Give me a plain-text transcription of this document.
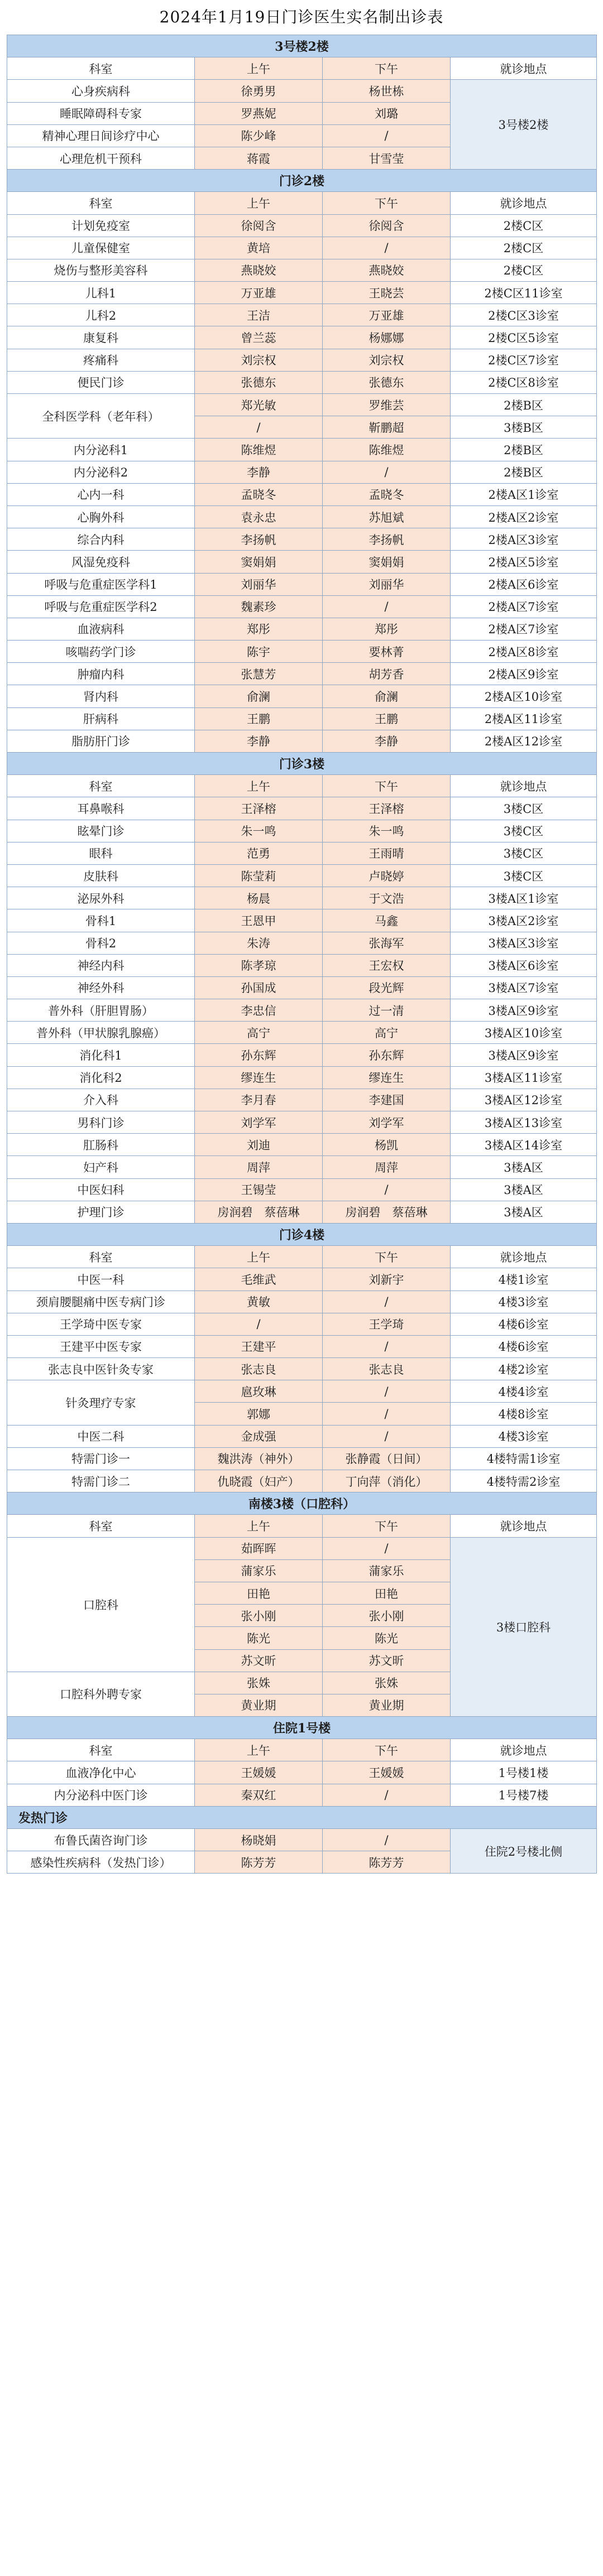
2024年1月19日门诊医生实名制出诊表
3号楼2楼			
科室	上午	下午	就诊地点
心身疾病科	徐勇男	杨世栋	3号楼2楼
睡眠障碍科专家	罗燕妮	刘璐	
精神心理日间诊疗中心	陈少峰	/	
心理危机干预科	蒋霞	甘雪莹	
门诊2楼			
科室	上午	下午	就诊地点
计划免疫室	徐阅含	徐阅含	2楼C区
儿童保健室	黄培	/	2楼C区
烧伤与整形美容科	燕晓姣	燕晓姣	2楼C区
儿科1	万亚雄	王晓芸	2楼C区11诊室
儿科2	王洁	万亚雄	2楼C区3诊室
康复科	曾兰蕊	杨娜娜	2楼C区5诊室
疼痛科	刘宗权	刘宗权	2楼C区7诊室
便民门诊	张德东	张德东	2楼C区8诊室
全科医学科（老年科）	郑光敏	罗维芸	2楼B区
	/	靳鹏超	3楼B区
内分泌科1	陈维煜	陈维煜	2楼B区
内分泌科2	李静	/	2楼B区
心内一科	孟晓冬	孟晓冬	2楼A区1诊室
心胸外科	袁永忠	苏旭斌	2楼A区2诊室
综合内科	李扬帆	李扬帆	2楼A区3诊室
风湿免疫科	窦娟娟	窦娟娟	2楼A区5诊室
呼吸与危重症医学科1	刘丽华	刘丽华	2楼A区6诊室
呼吸与危重症医学科2	魏素珍	/	2楼A区7诊室
血液病科	郑彤	郑彤	2楼A区7诊室
咳喘药学门诊	陈宇	要林菁	2楼A区8诊室
肿瘤内科	张慧芳	胡芳香	2楼A区9诊室
肾内科	俞澜	俞澜	2楼A区10诊室
肝病科	王鹏	王鹏	2楼A区11诊室
脂肪肝门诊	李静	李静	2楼A区12诊室
门诊3楼			
科室	上午	下午	就诊地点
耳鼻喉科	王泽榕	王泽榕	3楼C区
眩晕门诊	朱一鸣	朱一鸣	3楼C区
眼科	范勇	王雨晴	3楼C区
皮肤科	陈莹莉	卢晓婷	3楼C区
泌尿外科	杨晨	于文浩	3楼A区1诊室
骨科1	王恩甲	马鑫	3楼A区2诊室
骨科2	朱涛	张海军	3楼A区3诊室
神经内科	陈孝琼	王宏权	3楼A区6诊室
神经外科	孙国成	段光辉	3楼A区7诊室
普外科（肝胆胃肠）	李忠信	过一清	3楼A区9诊室
普外科（甲状腺乳腺癌）	高宁	高宁	3楼A区10诊室
消化科1	孙东辉	孙东辉	3楼A区9诊室
消化科2	缪连生	缪连生	3楼A区11诊室
介入科	李月春	李建国	3楼A区12诊室
男科门诊	刘学军	刘学军	3楼A区13诊室
肛肠科	刘迪	杨凯	3楼A区14诊室
妇产科	周萍	周萍	3楼A区
中医妇科	王锡莹	/	3楼A区
护理门诊	房润碧　蔡蓓琳	房润碧　蔡蓓琳	3楼A区
门诊4楼			
科室	上午	下午	就诊地点
中医一科	毛维武	刘新宇	4楼1诊室
颈肩腰腿痛中医专病门诊	黄敏	/	4楼3诊室
王学琦中医专家	/	王学琦	4楼6诊室
王建平中医专家	王建平	/	4楼6诊室
张志良中医针灸专家	张志良	张志良	4楼2诊室
针灸理疗专家	扈玫琳	/	4楼4诊室
	郭娜	/	4楼8诊室
中医二科	金成强	/	4楼3诊室
特需门诊一	魏洪涛（神外）	张静霞（日间）	4楼特需1诊室
特需门诊二	仇晓霞（妇产）	丁向萍（消化）	4楼特需2诊室
南楼3楼（口腔科）			
科室	上午	下午	就诊地点
口腔科	茹晖晖	/	3楼口腔科
	蒲家乐	蒲家乐	
	田艳	田艳	
	张小刚	张小刚	
	陈光	陈光	
	苏文昕	苏文昕	
口腔科外聘专家	张姝	张姝	
	黄业期	黄业期	
住院1号楼			
科室	上午	下午	就诊地点
血液净化中心	王媛媛	王媛媛	1号楼1楼
内分泌科中医门诊	秦双红	/	1号楼7楼
发热门诊			
布鲁氏菌咨询门诊	杨晓娟	/	住院2号楼北侧
感染性疾病科（发热门诊）	陈芳芳	陈芳芳	
